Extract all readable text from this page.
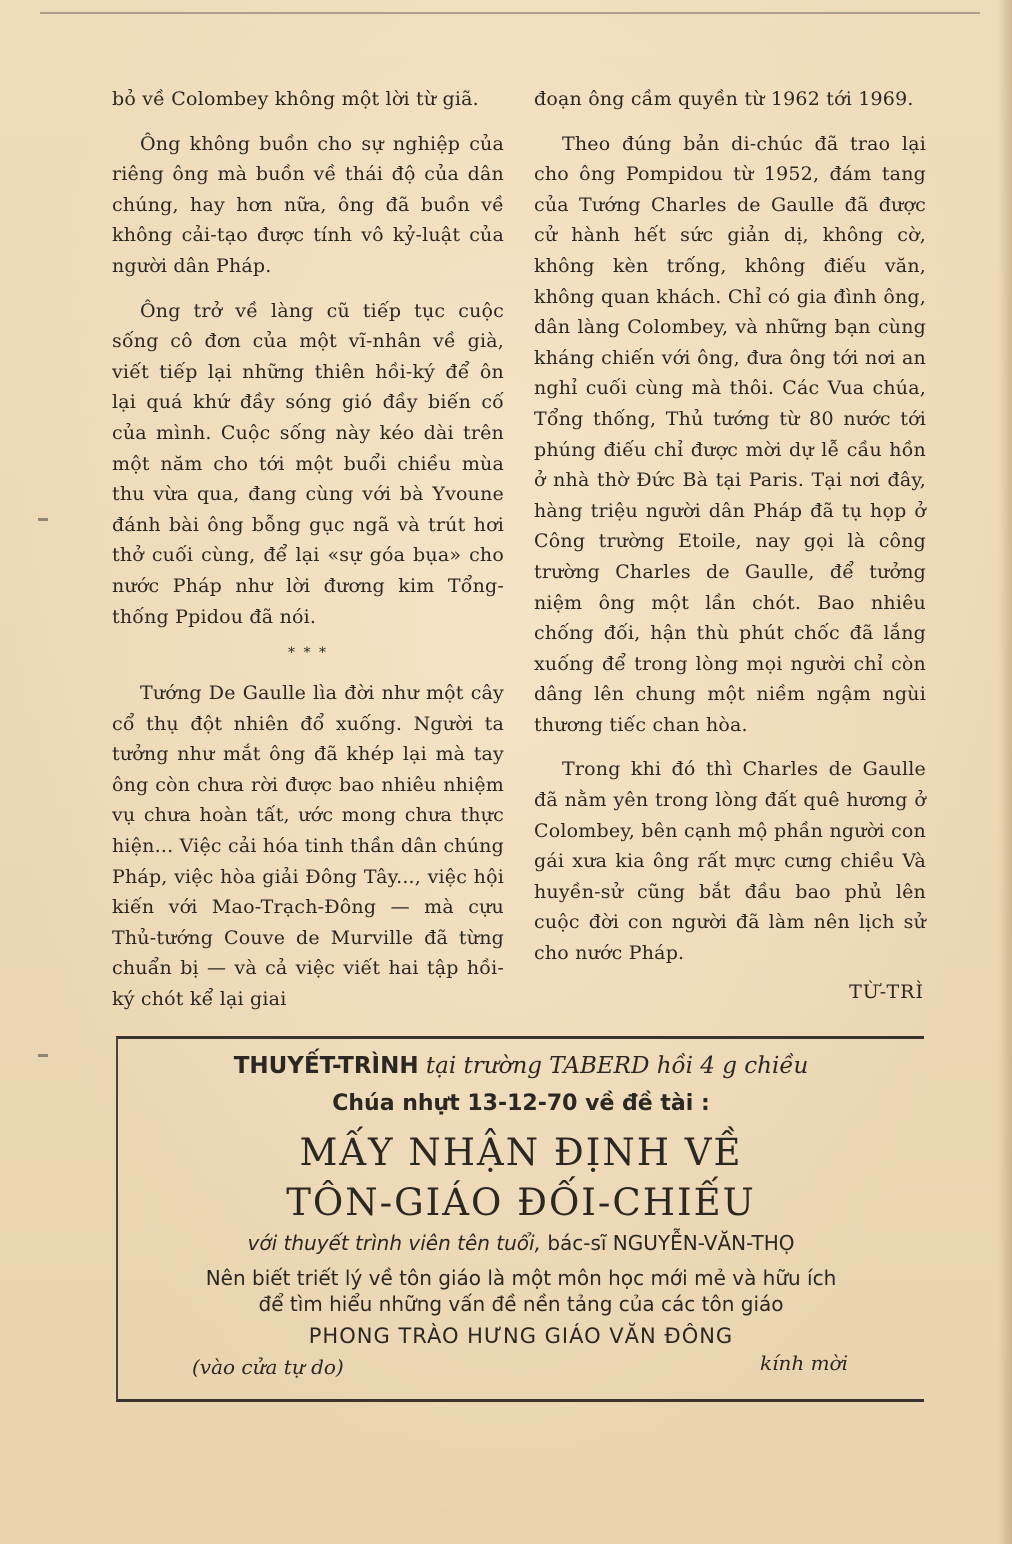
bỏ về Colombey không một lời từ giã.

Ông không buồn cho sự nghiệp của riêng ông mà buồn về thái độ của dân chúng, hay hơn nữa, ông đã buồn về không cải-tạo được tính vô kỷ-luật của người dân Pháp.

Ông trở về làng cũ tiếp tục cuộc sống cô đơn của một vĩ-nhân về già, viết tiếp lại những thiên hồi-ký để ôn lại quá khứ đầy sóng gió đầy biến cố của mình. Cuộc sống này kéo dài trên một năm cho tới một buổi chiều mùa thu vừa qua, đang cùng với bà Yvoune đánh bài ông bỗng gục ngã và trút hơi thở cuối cùng, để lại «sự góa bụa» cho nước Pháp như lời đương kim Tổng-thống Ppidou đã nói.

* * *

Tướng De Gaulle lìa đời như một cây cổ thụ đột nhiên đổ xuống. Người ta tưởng như mắt ông đã khép lại mà tay ông còn chưa rời được bao nhiêu nhiệm vụ chưa hoàn tất, ước mong chưa thực hiện... Việc cải hóa tinh thần dân chúng Pháp, việc hòa giải Đông Tây..., việc hội kiến với Mao-Trạch-Đông — mà cựu Thủ-tướng Couve de Murville đã từng chuẩn bị — và cả việc viết hai tập hồi-ký chót kể lại giai

đoạn ông cầm quyền từ 1962 tới 1969.

Theo đúng bản di-chúc đã trao lại cho ông Pompidou từ 1952, đám tang của Tướng Charles de Gaulle đã được cử hành hết sức giản dị, không cờ, không kèn trống, không điếu văn, không quan khách. Chỉ có gia đình ông, dân làng Colombey, và những bạn cùng kháng chiến với ông, đưa ông tới nơi an nghỉ cuối cùng mà thôi. Các Vua chúa, Tổng thống, Thủ tướng từ 80 nước tới phúng điếu chỉ được mời dự lễ cầu hồn ở nhà thờ Đức Bà tại Paris. Tại nơi đây, hàng triệu người dân Pháp đã tụ họp ở Công trường Etoile, nay gọi là công trường Charles de Gaulle, để tưởng niệm ông một lần chót. Bao nhiêu chống đối, hận thù phút chốc đã lắng xuống để trong lòng mọi người chỉ còn dâng lên chung một niềm ngậm ngùi thương tiếc chan hòa.

Trong khi đó thì Charles de Gaulle đã nằm yên trong lòng đất quê hương ở Colombey, bên cạnh mộ phần người con gái xưa kia ông rất mực cưng chiều Và huyền-sử cũng bắt đầu bao phủ lên cuộc đời con người đã làm nên lịch sử cho nước Pháp.

TỪ-TRÌ
THUYẾT-TRÌNH tại trường TABERD hồi 4 g chiều
Chúa nhựt 13-12-70 về đề tài :
MẤY NHẬN ĐỊNH VỀ
TÔN-GIÁO ĐỐI-CHIẾU
với thuyết trình viên tên tuổi, bác-sĩ NGUYỄN-VĂN-THỌ
Nên biết triết lý về tôn giáo là một môn học mới mẻ và hữu ích
để tìm hiểu những vấn đề nền tảng của các tôn giáo
PHONG TRÀO HƯNG GIÁO VĂN ĐÔNG
(vào cửa tự do)	kính mời
